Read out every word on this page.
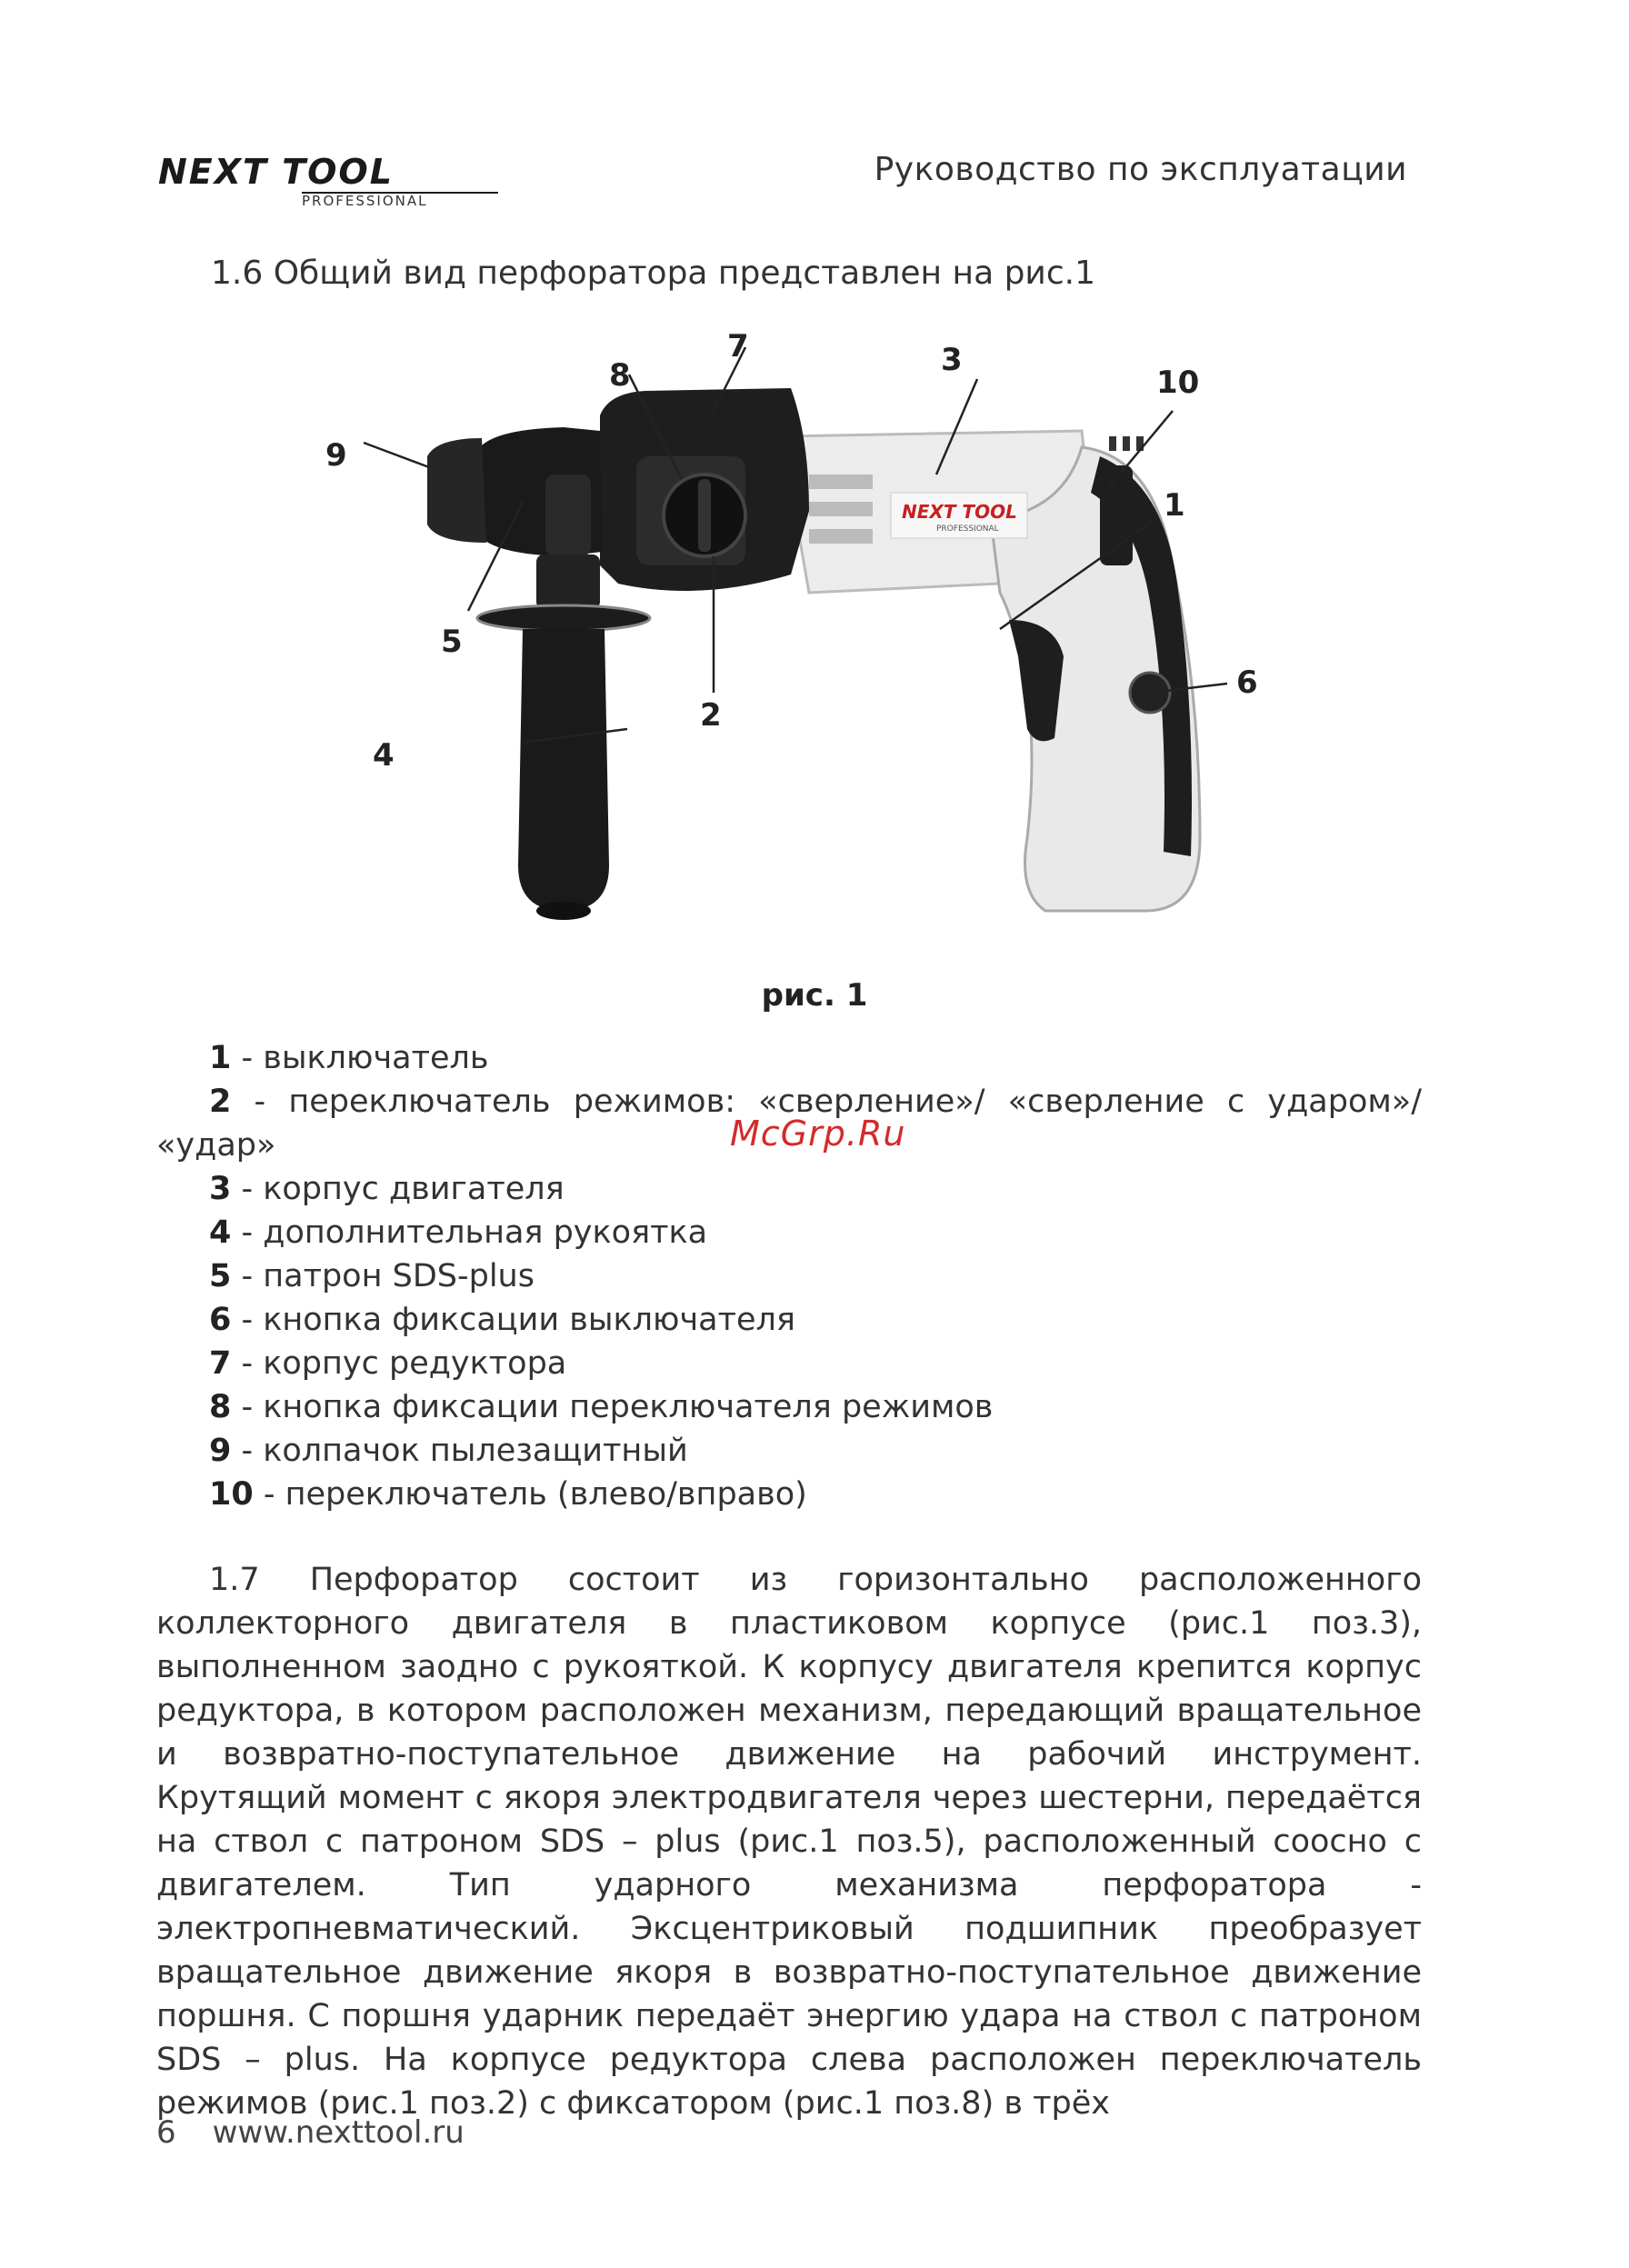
NEXT TOOL
PROFESSIONAL
Руководство по эксплуатации
1.6 Общий вид перфоратора представлен на рис.1
NEXT TOOL
PROFESSIONAL
1
2
3
4
5
6
7
8
9
10
рис. 1
1 - выключатель
2 - переключатель режимов: «сверление»/ «сверление с ударом»/ «удар»
3 - корпус двигателя
4 - дополнительная рукоятка
5 - патрон SDS-plus
6 - кнопка фиксации выключателя
7 - корпус редуктора
8 - кнопка фиксации переключателя режимов
9 - колпачок пылезащитный
10 - переключатель (влево/вправо)
McGrp.Ru

1.7 Перфоратор состоит из горизонтально расположенного коллекторного двигателя в пластиковом корпусе (рис.1 поз.3), выполненном заодно с рукояткой. К корпусу двигателя крепится корпус редуктора, в котором расположен механизм, передающий вращательное и возвратно-поступательное движение на рабочий инструмент. Крутящий момент с якоря электродвигателя через шестерни, передаётся на ствол с патроном SDS – plus (рис.1 поз.5), расположенный соосно с двигателем. Тип ударного механизма перфоратора - электропневматический. Эксцентриковый подшипник преобразует вращательное движение якоря в возвратно-поступательное движение поршня. С поршня ударник передаёт энергию удара на ствол с патроном SDS – plus. На корпусе редуктора слева расположен переключатель режимов (рис.1 поз.2) с фиксатором (рис.1 поз.8) в трёх

6 www.nexttool.ru
